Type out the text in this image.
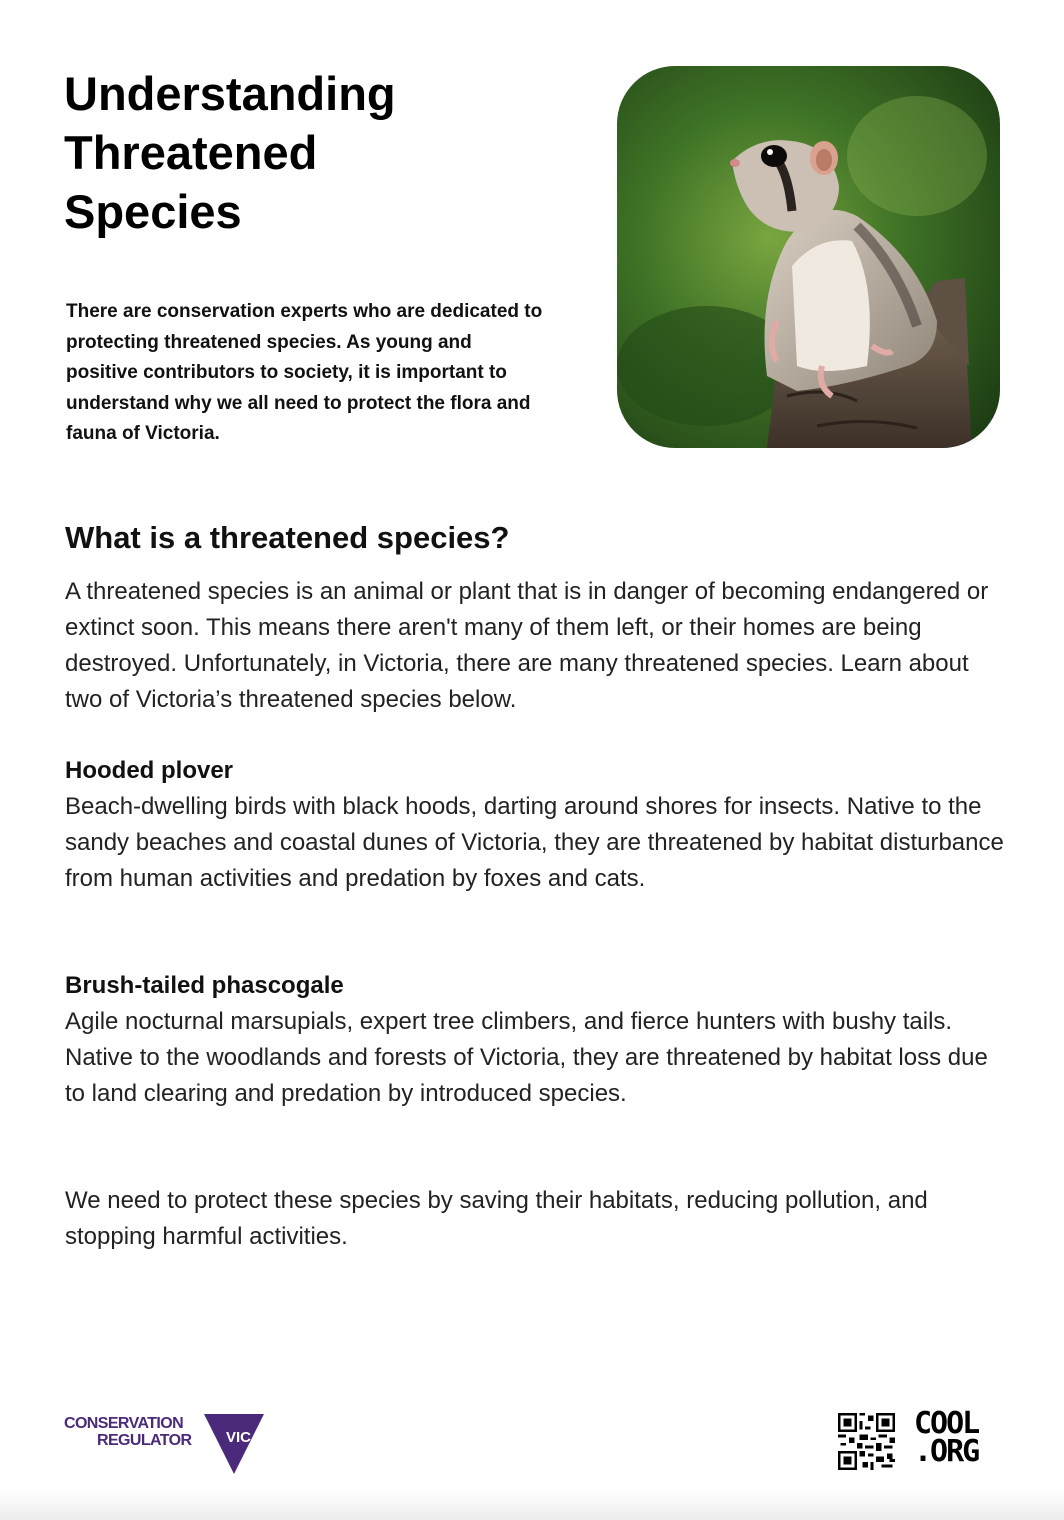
Understanding
Threatened
Species

There are conservation experts who are dedicated to protecting threatened species. As young and positive contributors to society, it is important to understand why we all need to protect the flora and fauna of Victoria.

What is a threatened species?

A threatened species is an animal or plant that is in danger of becoming endangered or extinct soon. This means there aren't many of them left, or their homes are being destroyed. Unfortunately, in Victoria, there are many threatened species. Learn about two of Victoria’s threatened species below.

Hooded plover
Beach-dwelling birds with black hoods, darting around shores for insects. Native to the sandy beaches and coastal dunes of Victoria, they are threatened by habitat disturbance from human activities and predation by foxes and cats.
Brush-tailed phascogale
Agile nocturnal marsupials, expert tree climbers, and fierce hunters with bushy tails. Native to the woodlands and forests of Victoria, they are threatened by habitat loss due to land clearing and predation by introduced species.

We need to protect these species by saving their habitats, reducing pollution, and stopping harmful activities.

CONSERVATION
REGULATOR VIC	COOL
.ORG
